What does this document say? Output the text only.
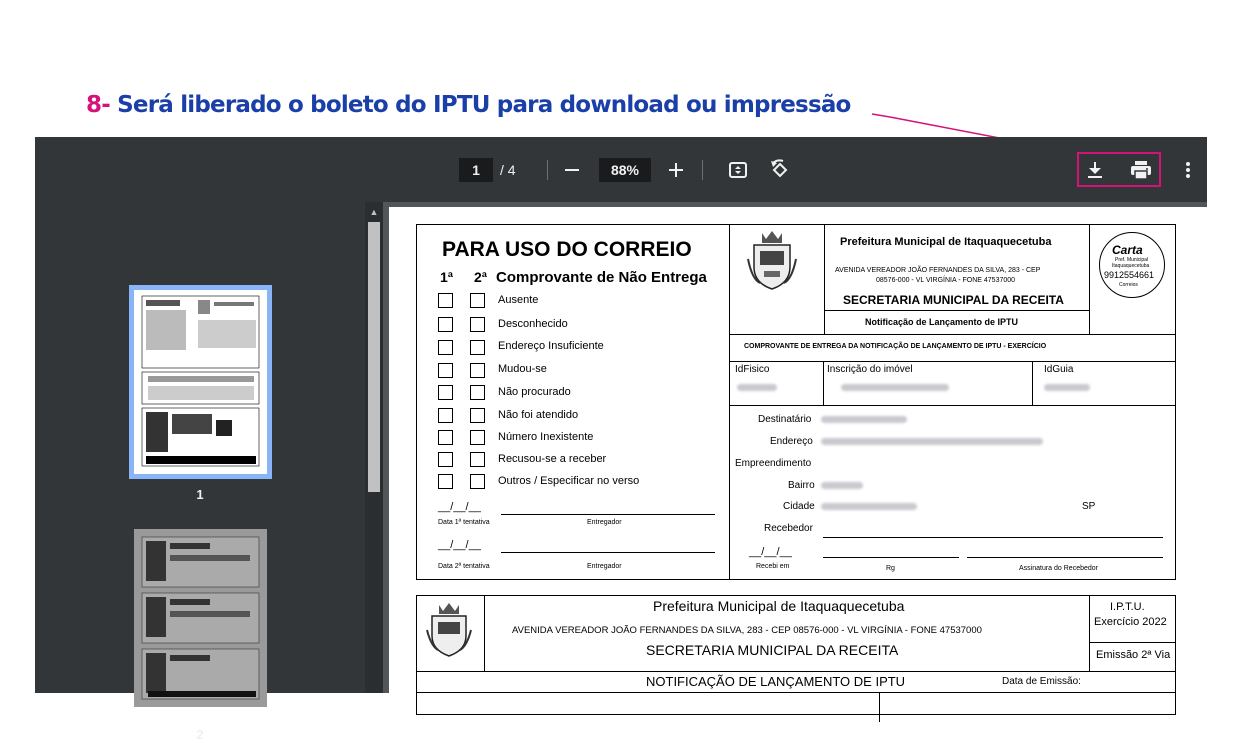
8- Será liberado o boleto do IPTU para download ou impressão
1	/ 4	88%
1
2
▲
PARA USO DO CORREIO
1ª 2ª Comprovante de Não Entrega
Ausente
Desconhecido
Endereço Insuficiente
Mudou-se
Não procurado
Não foi atendido
Número Inexistente
Recusou-se a receber
Outros / Especificar no verso
__/__/__
Data 1ª tentativa	Entregador
__/__/__
Data 2ª tentativa	Entregador
Prefeitura Municipal de Itaquaquecetuba
AVENIDA VEREADOR JOÃO FERNANDES DA SILVA, 283 - CEP
08576-000 - VL VIRGÍNIA - FONE 47537000
SECRETARIA MUNICIPAL DA RECEITA
Notificação de Lançamento de IPTU
Carta
Pref. Municipal
Itaquaquecetuba
9912554661
Correios
COMPROVANTE DE ENTREGA DA NOTIFICAÇÃO DE LANÇAMENTO DE IPTU - EXERCÍCIO
IdFisico	Inscrição do imóvel	IdGuia
Destinatário
Endereço
Empreendimento
Bairro
Cidade	SP
Recebedor
__/__/__
Recebi em	Rg	Assinatura do Recebedor
Prefeitura Municipal de Itaquaquecetuba
AVENIDA VEREADOR JOÃO FERNANDES DA SILVA, 283 - CEP 08576-000 - VL VIRGÍNIA - FONE 47537000
SECRETARIA MUNICIPAL DA RECEITA
I.P.T.U.
Exercício 2022
Emissão 2ª Via
NOTIFICAÇÃO DE LANÇAMENTO DE IPTU	Data de Emissão:
